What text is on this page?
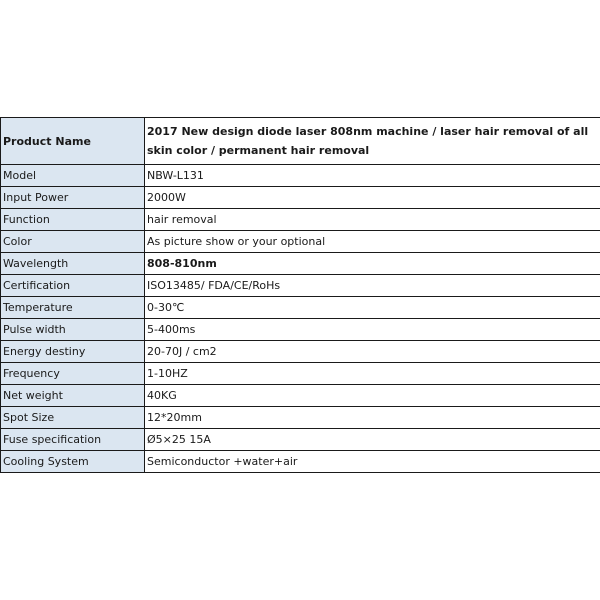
Product Name	2017 New design diode laser 808nm machine / laser hair removal of all skin color / permanent hair removal
Model	NBW-L131
Input Power	2000W
Function	hair removal
Color	As picture show or your optional
Wavelength	808-810nm
Certification	ISO13485/ FDA/CE/RoHs
Temperature	0-30℃
Pulse width	5-400ms
Energy destiny	20-70J / cm2
Frequency	1-10HZ
Net weight	40KG
Spot Size	12*20mm
Fuse specification	Ø5×25 15A
Cooling System	Semiconductor +water+air
